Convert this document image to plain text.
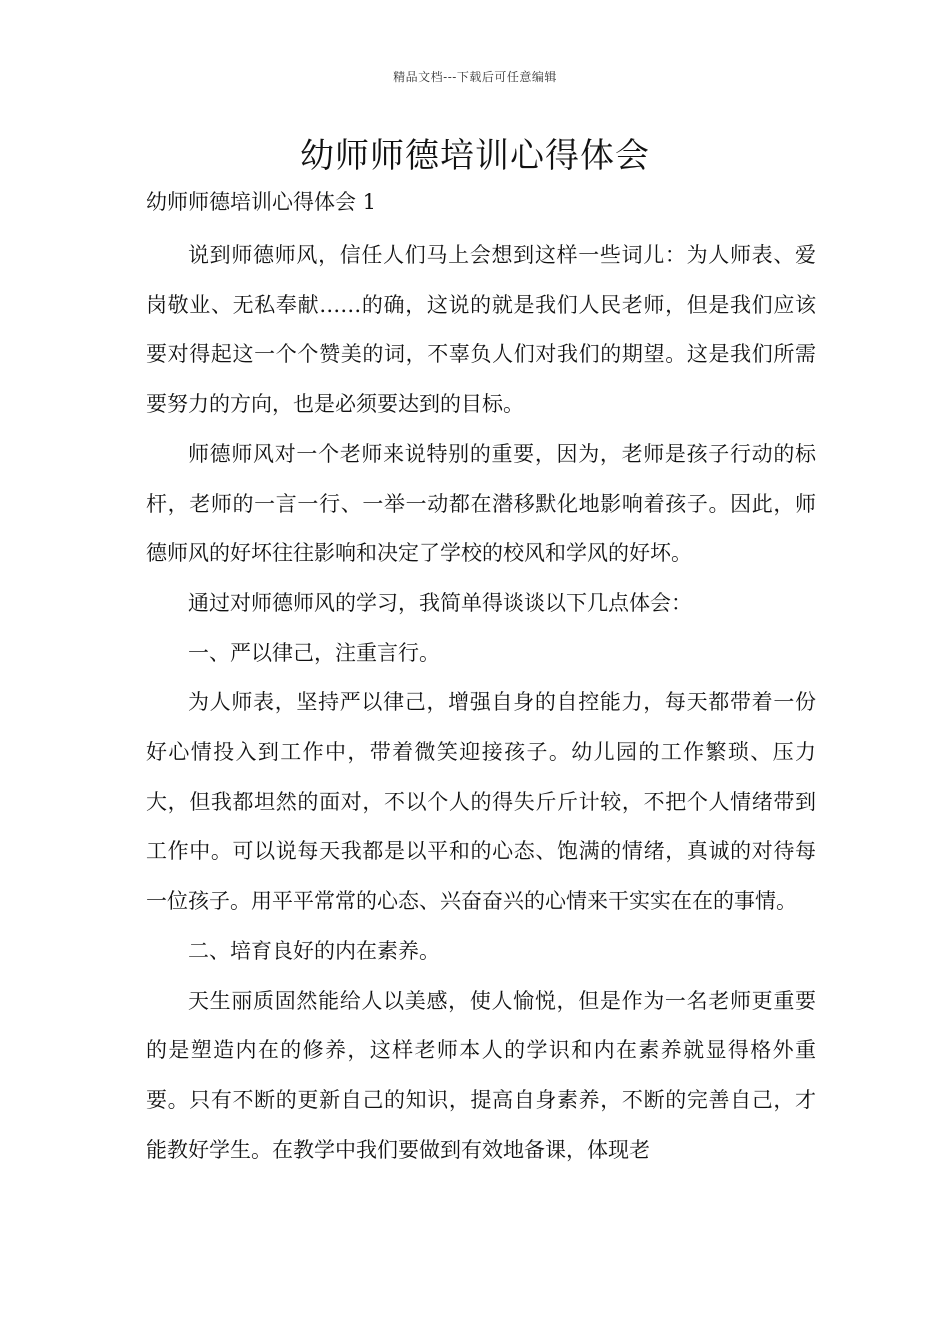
精品文档---下载后可任意编辑
幼师师德培训心得体会

幼师师德培训心得体会 1

说到师德师风，信任人们马上会想到这样一些词儿：为人师表、爱岗敬业、无私奉献……的确，这说的就是我们人民老师，但是我们应该要对得起这一个个赞美的词，不辜负人们对我们的期望。这是我们所需要努力的方向，也是必须要达到的目标。

师德师风对一个老师来说特别的重要，因为，老师是孩子行动的标杆，老师的一言一行、一举一动都在潜移默化地影响着孩子。因此，师德师风的好坏往往影响和决定了学校的校风和学风的好坏。

通过对师德师风的学习，我简单得谈谈以下几点体会：

一、严以律己，注重言行。

为人师表，坚持严以律己，增强自身的自控能力，每天都带着一份好心情投入到工作中，带着微笑迎接孩子。幼儿园的工作繁琐、压力大，但我都坦然的面对，不以个人的得失斤斤计较，不把个人情绪带到工作中。可以说每天我都是以平和的心态、饱满的情绪，真诚的对待每一位孩子。用平平常常的心态、兴奋奋兴的心情来干实实在在的事情。

二、培育良好的内在素养。

天生丽质固然能给人以美感，使人愉悦，但是作为一名老师更重要的是塑造内在的修养，这样老师本人的学识和内在素养就显得格外重要。只有不断的更新自己的知识，提高自身素养，不断的完善自己，才能教好学生。在教学中我们要做到有效地备课，体现老
